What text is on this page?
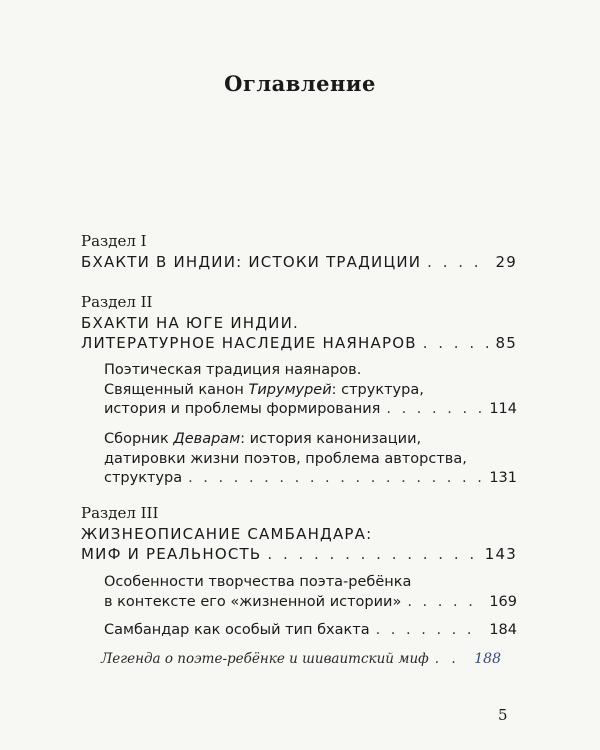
Оглавление
Раздел I
БХАКТИ В ИНДИИ: ИСТОКИ ТРАДИЦИИ . . .	29
Раздел II
БХАКТИ НА ЮГЕ ИНДИИ.
ЛИТЕРАТУРНОЕ НАСЛЕДИЕ НАЯНАРОВ . . .	85
Поэтическая традиция наянаров.
Священный канон Тирумурей: структура,
история и проблемы формирования . . .	114
Сборник Деварам: история канонизации,
датировки жизни поэтов, проблема авторства,
структура . . .	131
Раздел III
ЖИЗНЕОПИСАНИЕ САМБАНДАРА:
МИФ И РЕАЛЬНОСТЬ . . .	143
Особенности творчества поэта-ребёнка
в контексте его «жизненной истории» . . .	169
Самбандар как особый тип бхакта . . .	184
Легенда о поэте-ребёнке и шиваитский миф . . .	188
5
